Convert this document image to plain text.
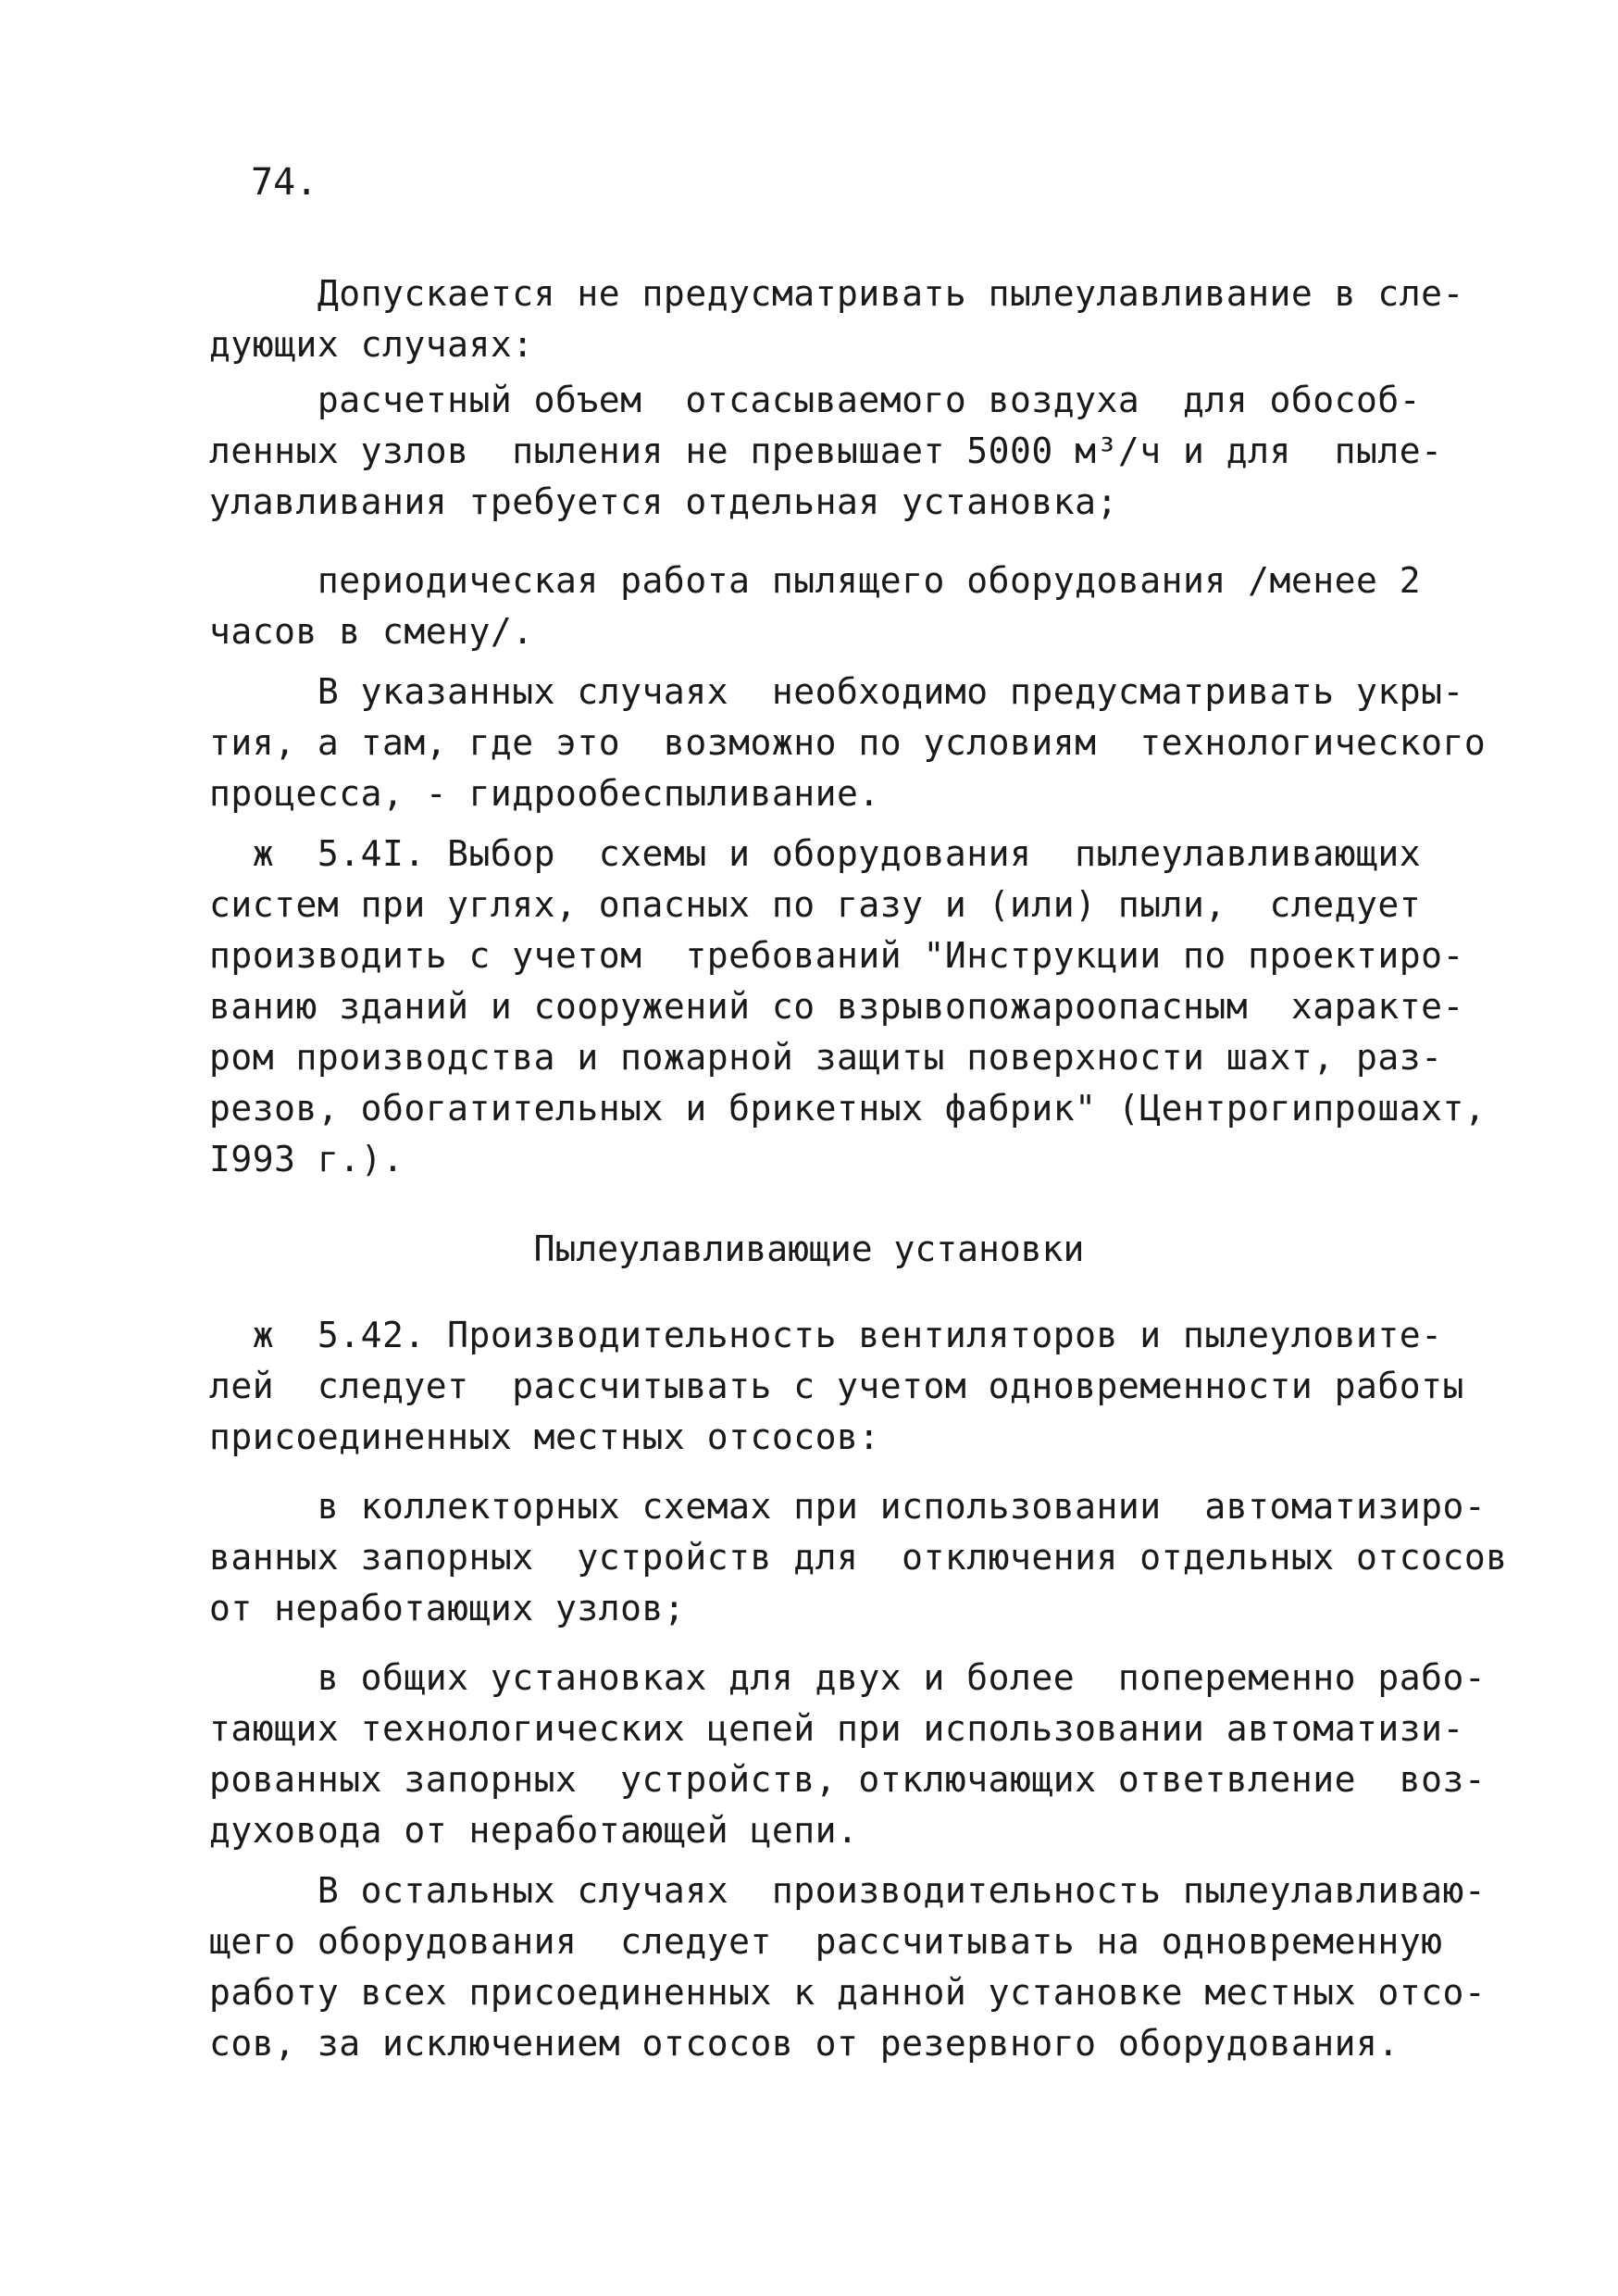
74.
Допускается не предусматривать пылеулавливание в сле-
дующих случаях:
расчетный объем  отсасываемого воздуха  для обособ-
ленных узлов  пыления не превышает 5000 м³/ч и для  пыле-
улавливания требуется отдельная установка;
периодическая работа пылящего оборудования /менее 2
часов в смену/.
В указанных случаях  необходимо предусматривать укры-
тия, а там, где это  возможно по условиям  технологического
процесса, - гидрообеспыливание.
ж  5.4I. Выбор  схемы и оборудования  пылеулавливающих
систем при углях, опасных по газу и (или) пыли,  следует
производить с учетом  требований "Инструкции по проектиро-
ванию зданий и сооружений со взрывопожароопасным  характе-
ром производства и пожарной защиты поверхности шахт, раз-
резов, обогатительных и брикетных фабрик" (Центрогипрошахт,
I993 г.).
Пылеулавливающие установки
ж  5.42. Производительность вентиляторов и пылеуловите-
лей  следует  рассчитывать с учетом одновременности работы
присоединенных местных отсосов:
в коллекторных схемах при использовании  автоматизиро-
ванных запорных  устройств для  отключения отдельных отсосов
от неработающих узлов;
в общих установках для двух и более  попеременно рабо-
тающих технологических цепей при использовании автоматизи-
рованных запорных  устройств, отключающих ответвление  воз-
духовода от неработающей цепи.
В остальных случаях  производительность пылеулавливаю-
щего оборудования  следует  рассчитывать на одновременную
работу всех присоединенных к данной установке местных отсо-
сов, за исключением отсосов от резервного оборудования.
